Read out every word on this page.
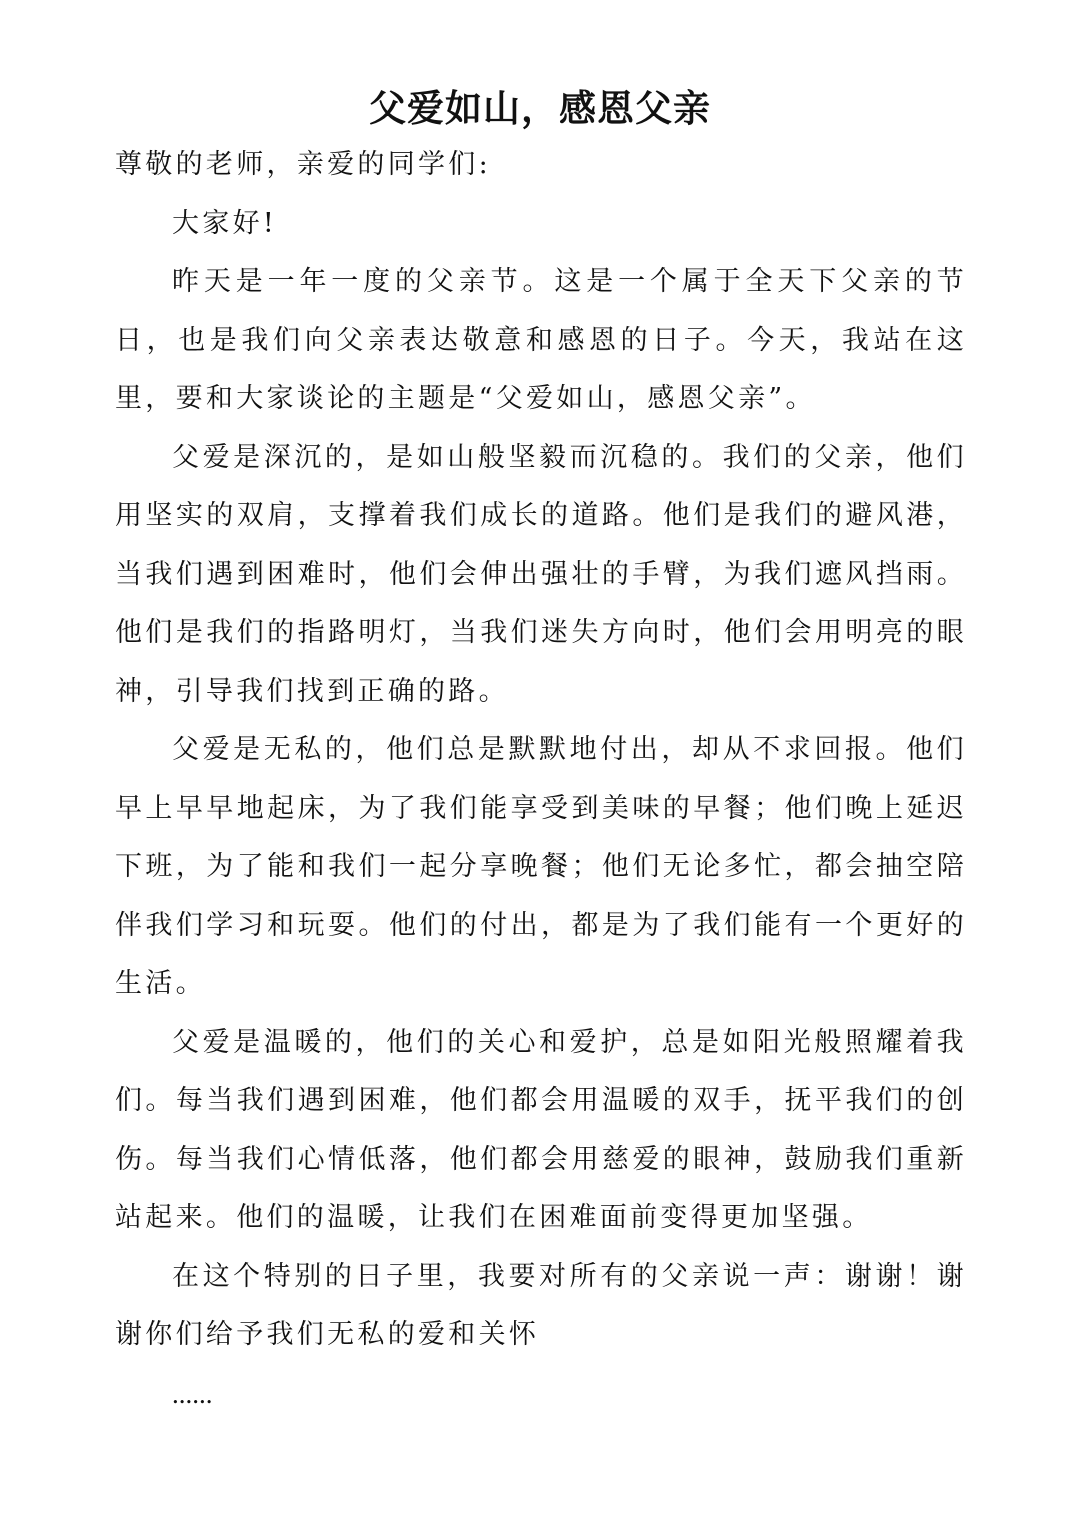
父爱如山，感恩父亲

尊敬的老师，亲爱的同学们:

大家好!

昨天是一年一度的父亲节。这是一个属于全天下父亲的节日，也是我们向父亲表达敬意和感恩的日子。今天，我站在这里，要和大家谈论的主题是“父爱如山，感恩父亲”。

父爱是深沉的，是如山般坚毅而沉稳的。我们的父亲，他们用坚实的双肩，支撑着我们成长的道路。他们是我们的避风港，当我们遇到困难时，他们会伸出强壮的手臂，为我们遮风挡雨。他们是我们的指路明灯，当我们迷失方向时，他们会用明亮的眼神，引导我们找到正确的路。

父爱是无私的，他们总是默默地付出，却从不求回报。他们早上早早地起床，为了我们能享受到美味的早餐；他们晚上延迟下班，为了能和我们一起分享晚餐；他们无论多忙，都会抽空陪伴我们学习和玩耍。他们的付出，都是为了我们能有一个更好的生活。

父爱是温暖的，他们的关心和爱护，总是如阳光般照耀着我们。每当我们遇到困难，他们都会用温暖的双手，抚平我们的创伤。每当我们心情低落，他们都会用慈爱的眼神，鼓励我们重新站起来。他们的温暖，让我们在困难面前变得更加坚强。

在这个特别的日子里，我要对所有的父亲说一声：谢谢！谢谢你们给予我们无私的爱和关怀

......
